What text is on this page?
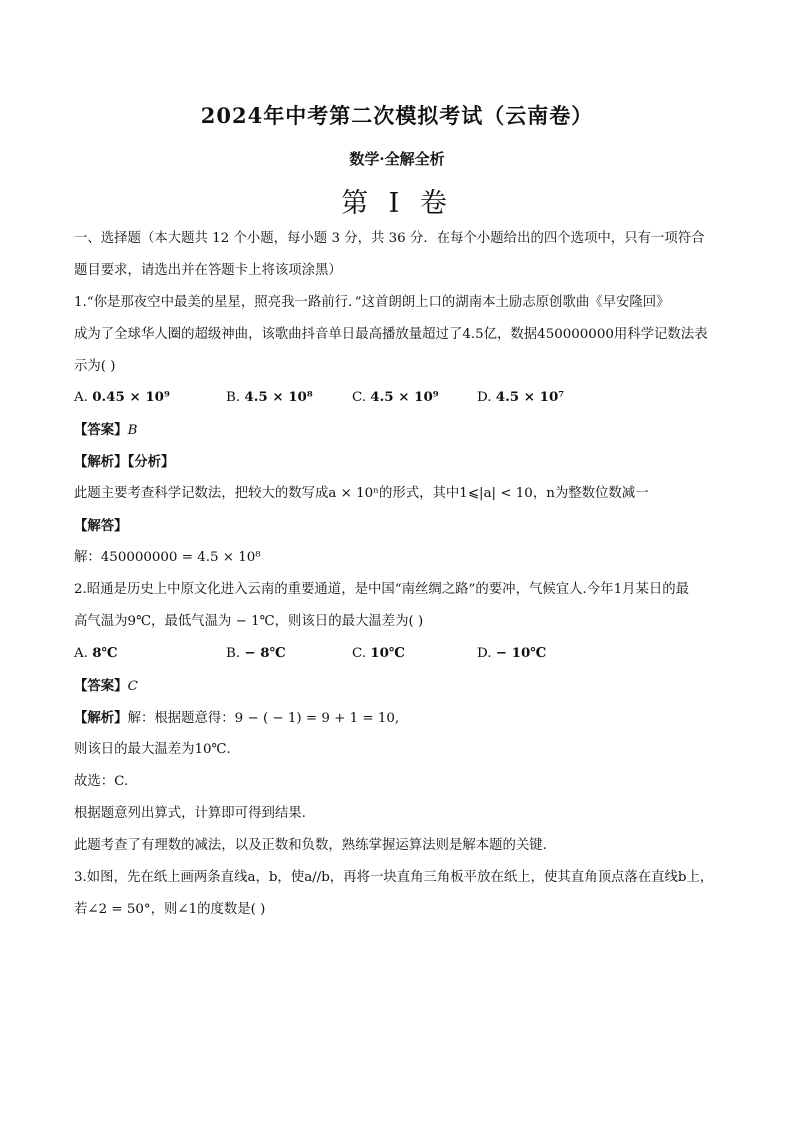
2024年中考第二次模拟考试（云南卷）
数学·全解全析
第 I 卷
一、选择题（本大题共 12 个小题，每小题 3 分，共 36 分．在每个小题给出的四个选项中，只有一项符合
题目要求，请选出并在答题卡上将该项涂黑）
1.“你是那夜空中最美的星星，照亮我一路前行．”这首朗朗上口的湖南本土励志原创歌曲《早安隆回》
成为了全球华人圈的超级神曲，该歌曲抖音单日最高播放量超过了4.5亿，数据450000000用科学记数法表
示为( )
A. 0.45 × 10⁹	B. 4.5 × 10⁸	C. 4.5 × 10⁹	D. 4.5 × 10⁷
【答案】B
【解析】【分析】
此题主要考查科学记数法，把较大的数写成a × 10ⁿ的形式，其中1⩽|a| < 10，n为整数位数减一
【解答】
解：450000000 = 4.5 × 10⁸
2.昭通是历史上中原文化进入云南的重要通道，是中国“南丝绸之路”的要冲，气候宜人.今年1月某日的最
高气温为9℃，最低气温为 − 1℃，则该日的最大温差为( )
A. 8℃	B. − 8℃	C. 10℃	D. − 10℃
【答案】C
【解析】解：根据题意得：9 − ( − 1) = 9 + 1 = 10,
则该日的最大温差为10℃.
故选：C.
根据题意列出算式，计算即可得到结果.
此题考查了有理数的减法，以及正数和负数，熟练掌握运算法则是解本题的关键.
3.如图，先在纸上画两条直线a，b，使a//b，再将一块直角三角板平放在纸上，使其直角顶点落在直线b上，
若∠2 = 50°，则∠1的度数是( )
